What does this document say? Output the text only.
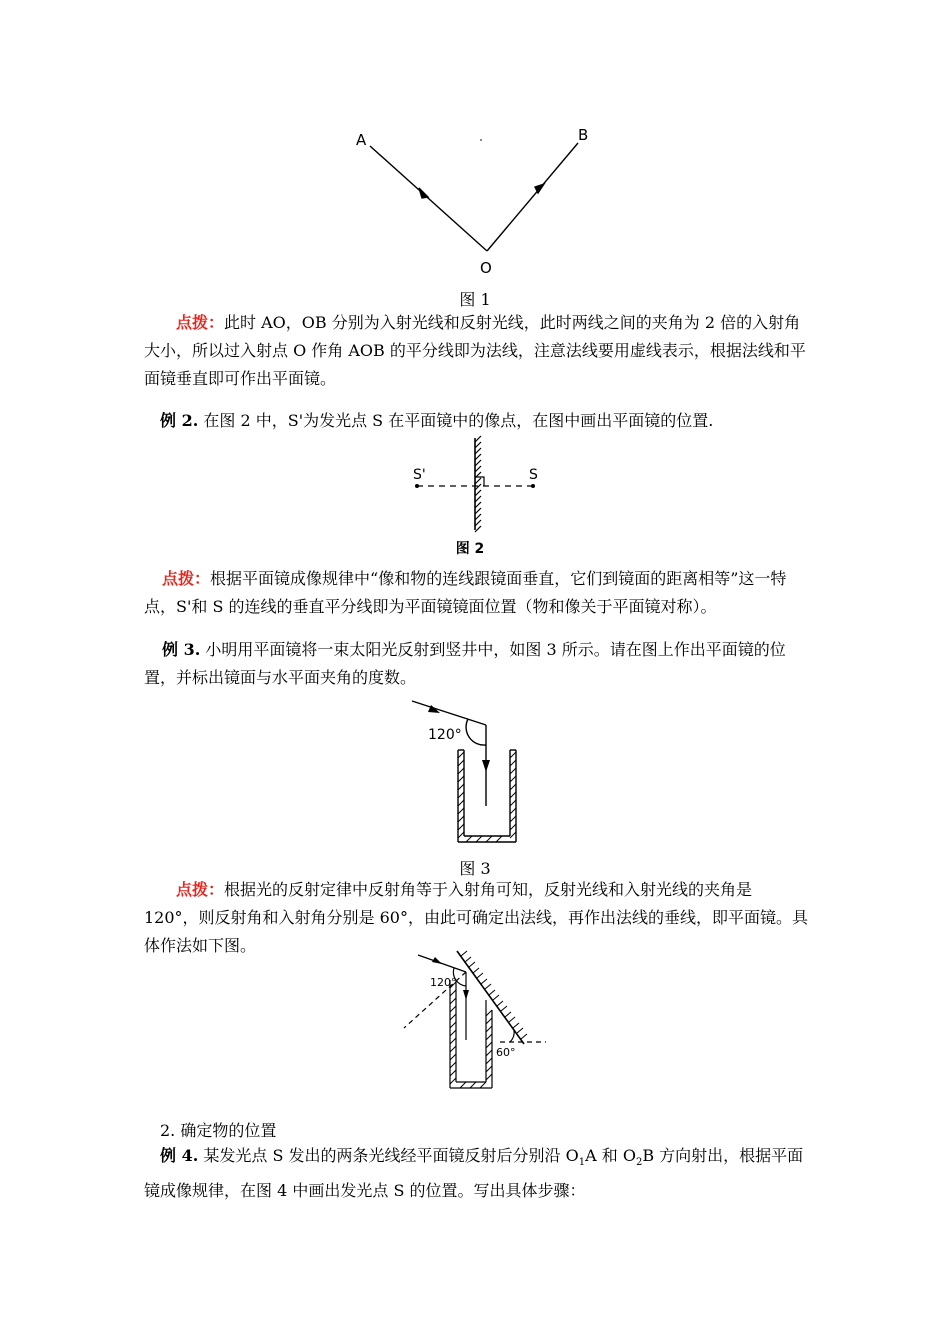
A	B
O
图 1

点拨：此时 AO，OB 分别为入射光线和反射光线，此时两线之间的夹角为 2 倍的入射角大小，所以过入射点 O 作角 AOB 的平分线即为法线，注意法线要用虚线表示，根据法线和平面镜垂直即可作出平面镜。

例 2. 在图 2 中，S'为发光点 S 在平面镜中的像点，在图中画出平面镜的位置.

S'	S
图 2

点拨：根据平面镜成像规律中“像和物的连线跟镜面垂直，它们到镜面的距离相等”这一特点，S'和 S 的连线的垂直平分线即为平面镜镜面位置（物和像关于平面镜对称）。

例 3. 小明用平面镜将一束太阳光反射到竖井中，如图 3 所示。请在图上作出平面镜的位置，并标出镜面与水平面夹角的度数。

120°
图 3

点拨：根据光的反射定律中反射角等于入射角可知，反射光线和入射光线的夹角是 120°，则反射角和入射角分别是 60°，由此可确定出法线，再作出法线的垂线，即平面镜。具体作法如下图。

120°
60°

2. 确定物的位置

例 4. 某发光点 S 发出的两条光线经平面镜反射后分别沿 $O_1A$ 和 $O_2B$ 方向射出，根据平面镜成像规律，在图 4 中画出发光点 S 的位置。写出具体步骤：
